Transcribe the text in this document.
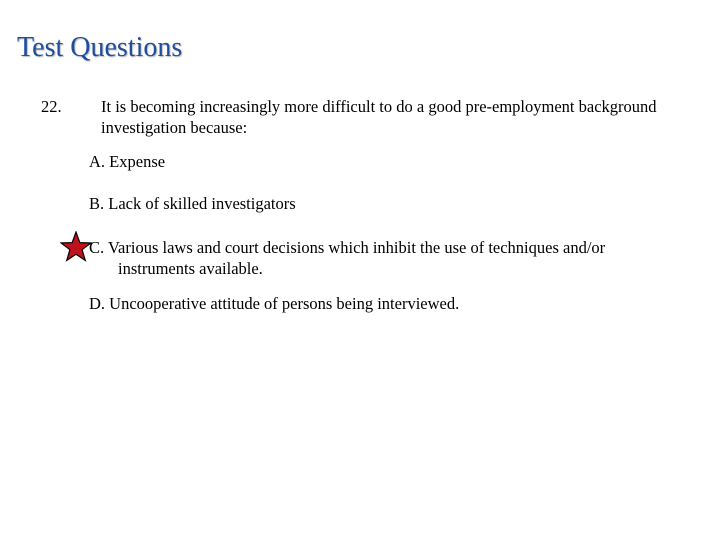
Test Questions
22. It is becoming increasingly more difficult to do a good pre-employment background investigation because:
A. Expense
B. Lack of skilled investigators
C. Various laws and court decisions which inhibit the use of techniques and/or
instruments available.
D. Uncooperative attitude of persons being interviewed.
